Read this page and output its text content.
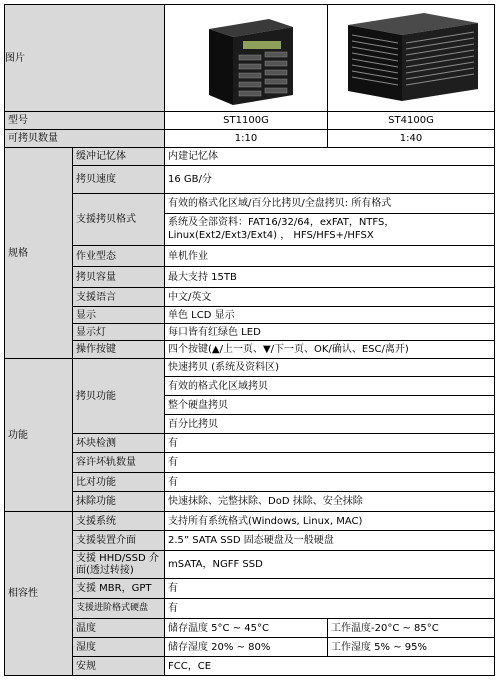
图片	

型号		ST1100G	ST4100G
可拷贝数量		1:10	1:40
规格	缓冲记忆体	内建记忆体	
	拷贝速度	16 GB/分	
	支援拷贝格式	有效的格式化区域/百分比拷贝/全盘拷贝: 所有格式
系统及全部资料：FAT16/32/64，exFAT，NTFS，
Linux(Ext2/Ext3/Ext4) ， HFS/HFS+/HFSX	

	作业型态	单机作业	
	拷贝容量	最大支持 15TB	
	支援语言	中文/英文	
	显示	单色 LCD 显示	
	显示灯	每口皆有红绿色 LED	
	操作按键	四个按键(▲/上一页、▼/下一页、OK/确认、ESC/离开)	
功能	拷贝功能	快速拷贝 (系统及资料区)	
		有效的格式化区域拷贝	
		整个硬盘拷贝	
		百分比拷贝	
	坏块检测	有	
	容许坏轨数量	有	
	比对功能	有	
	抹除功能	快速抹除、完整抹除、DoD 抹除、安全抹除	
相容性	支援系统	支持所有系统格式(Windows, Linux, MAC)	
	支援装置介面	2.5” SATA SSD 固态硬盘及一般硬盘	
	支援 HHD/SSD 介面(透过转接)	mSATA，NGFF SSD	
	支援 MBR，GPT	有	
	支援进阶格式硬盘	有	
	温度	储存温度 5°C ~ 45°C	工作温度-20°C ~ 85°C
	湿度	储存湿度 20% ~ 80%	工作湿度 5% ~ 95%
	安规	FCC，CE	
